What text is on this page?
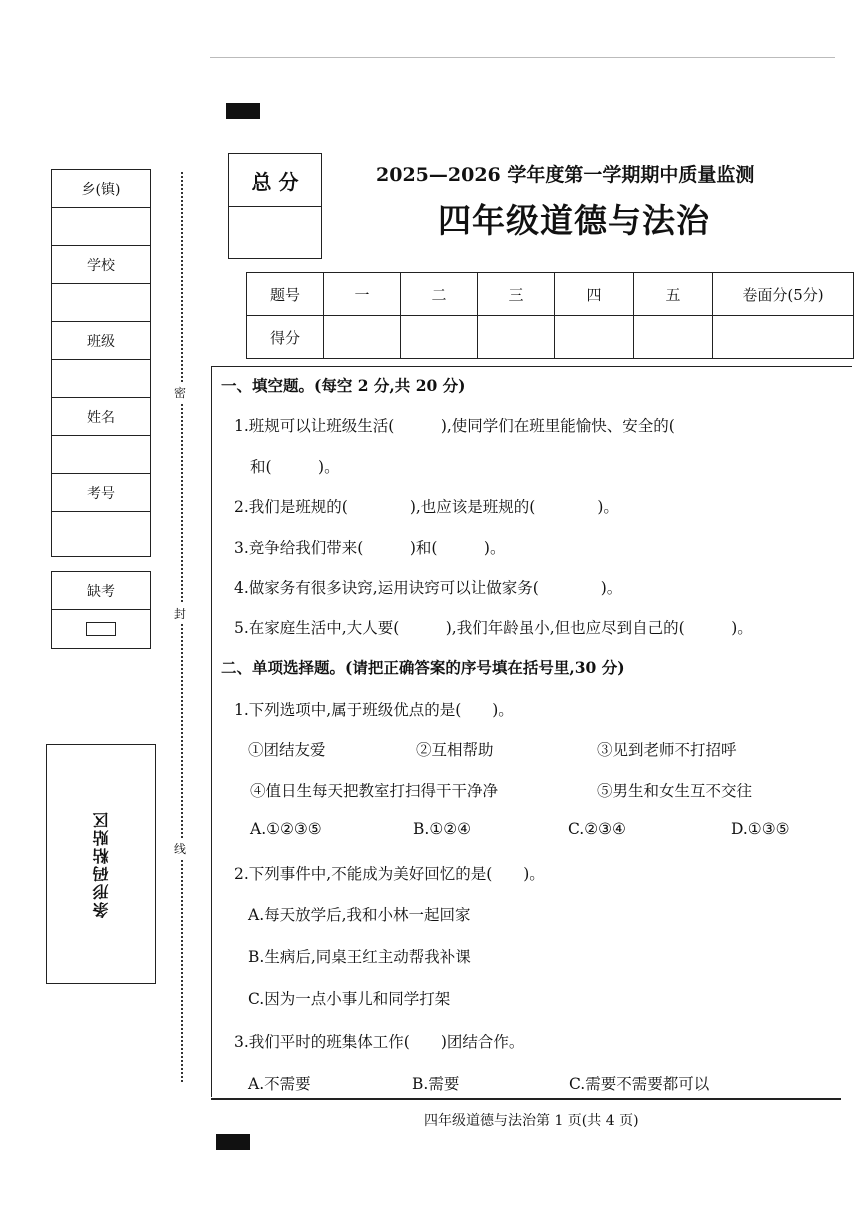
乡(镇)
学校
班级
姓名
考号
缺考
条形码粘贴区
密
封
线
总 分	2025—2026 学年度第一学期期中质量监测
四年级道德与法治
题号	一	二	三	四	五	卷面分(5分)
得分						
一、填空题。(每空 2 分,共 20 分)
1.班规可以让班级生活(　　　),使同学们在班里能愉快、安全的(　　　
和(　　　)。
2.我们是班规的(　　　　),也应该是班规的(　　　　)。
3.竞争给我们带来(　　　)和(　　　)。
4.做家务有很多诀窍,运用诀窍可以让做家务(　　　　)。
5.在家庭生活中,大人要(　　　),我们年龄虽小,但也应尽到自己的(　　　)。
二、单项选择题。(请把正确答案的序号填在括号里,30 分)
1.下列选项中,属于班级优点的是(　　)。
①团结友爱	②互相帮助	③见到老师不打招呼
④值日生每天把教室打扫得干干净净	⑤男生和女生互不交往
A.①②③⑤	B.①②④	C.②③④	D.①③⑤
2.下列事件中,不能成为美好回忆的是(　　)。
A.每天放学后,我和小林一起回家
B.生病后,同桌王红主动帮我补课
C.因为一点小事儿和同学打架
3.我们平时的班集体工作(　　)团结合作。
A.不需要	B.需要	C.需要不需要都可以
四年级道德与法治第 1 页(共 4 页)
